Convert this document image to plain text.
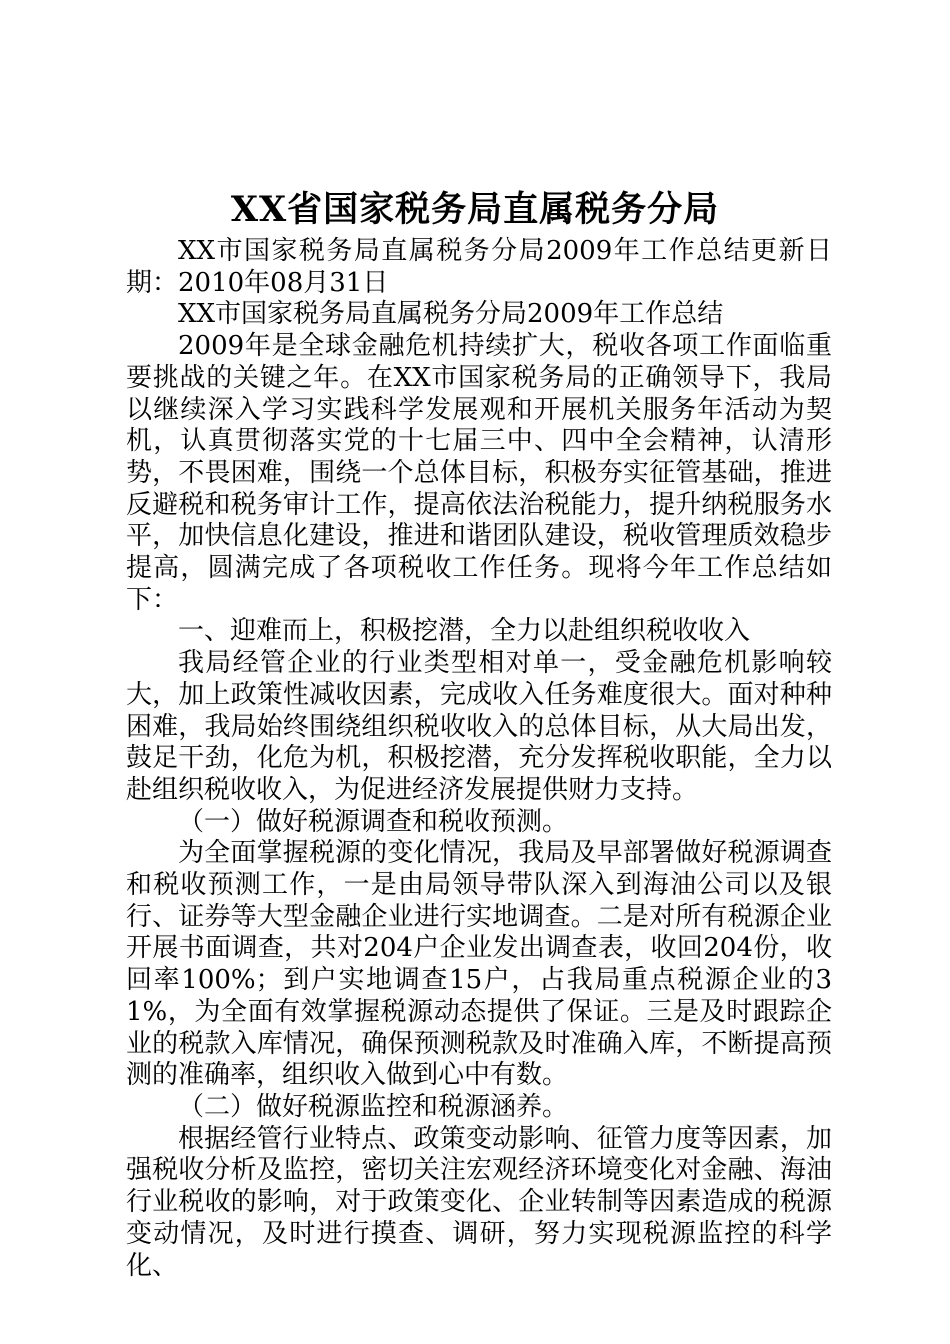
XX省国家税务局直属税务分局

XX市国家税务局直属税务分局2009年工作总结更新日期：2010年08月31日

XX市国家税务局直属税务分局2009年工作总结

2009年是全球金融危机持续扩大，税收各项工作面临重要挑战的关键之年。在XX市国家税务局的正确领导下，我局以继续深入学习实践科学发展观和开展机关服务年活动为契机，认真贯彻落实党的十七届三中、四中全会精神，认清形势，不畏困难，围绕一个总体目标，积极夯实征管基础，推进反避税和税务审计工作，提高依法治税能力，提升纳税服务水平，加快信息化建设，推进和谐团队建设，税收管理质效稳步提高，圆满完成了各项税收工作任务。现将今年工作总结如下：

一、迎难而上，积极挖潜，全力以赴组织税收收入

我局经管企业的行业类型相对单一，受金融危机影响较大，加上政策性减收因素，完成收入任务难度很大。面对种种困难，我局始终围绕组织税收收入的总体目标，从大局出发，鼓足干劲，化危为机，积极挖潜，充分发挥税收职能，全力以赴组织税收收入，为促进经济发展提供财力支持。

（一）做好税源调查和税收预测。

为全面掌握税源的变化情况，我局及早部署做好税源调查和税收预测工作，一是由局领导带队深入到海油公司以及银行、证券等大型金融企业进行实地调查。二是对所有税源企业开展书面调查，共对204户企业发出调查表，收回204份，收回率100%；到户实地调查15户，占我局重点税源企业的31%，为全面有效掌握税源动态提供了保证。三是及时跟踪企业的税款入库情况，确保预测税款及时准确入库，不断提高预测的准确率，组织收入做到心中有数。

（二）做好税源监控和税源涵养。

根据经管行业特点、政策变动影响、征管力度等因素，加强税收分析及监控，密切关注宏观经济环境变化对金融、海油行业税收的影响，对于政策变化、企业转制等因素造成的税源变动情况，及时进行摸查、调研，努力实现税源监控的科学化、
